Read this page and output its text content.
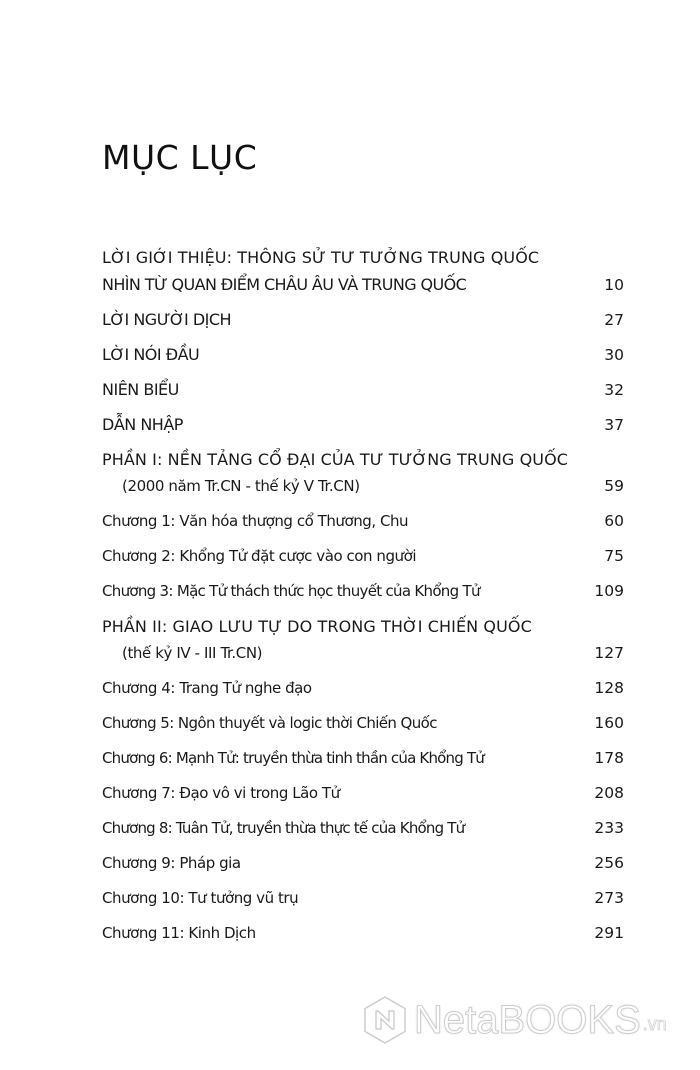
MỤC LỤC
LỜI GIỚI THIỆU: THÔNG SỬ TƯ TƯỞNG TRUNG QUỐC
NHÌN TỪ QUAN ĐIỂM CHÂU ÂU VÀ TRUNG QUỐC	10
LỜI NGƯỜI DỊCH	27
LỜI NÓI ĐẦU	30
NIÊN BIỂU	32
DẪN NHẬP	37
PHẦN I: NỀN TẢNG CỔ ĐẠI CỦA TƯ TƯỞNG TRUNG QUỐC
(2000 năm Tr.CN - thế kỷ V Tr.CN)	59
Chương 1: Văn hóa thượng cổ Thương, Chu	60
Chương 2: Khổng Tử đặt cược vào con người	75
Chương 3: Mặc Tử thách thức học thuyết của Khổng Tử	109
PHẦN II: GIAO LƯU TỰ DO TRONG THỜI CHIẾN QUỐC
(thế kỷ IV - III Tr.CN)	127
Chương 4: Trang Tử nghe đạo	128
Chương 5: Ngôn thuyết và logic thời Chiến Quốc	160
Chương 6: Mạnh Tử: truyền thừa tinh thần của Khổng Tử	178
Chương 7: Đạo vô vi trong Lão Tử	208
Chương 8: Tuân Tử, truyền thừa thực tế của Khổng Tử	233
Chương 9: Pháp gia	256
Chương 10: Tư tưởng vũ trụ	273
Chương 11: Kinh Dịch	291
NetaBOOKS .vn
